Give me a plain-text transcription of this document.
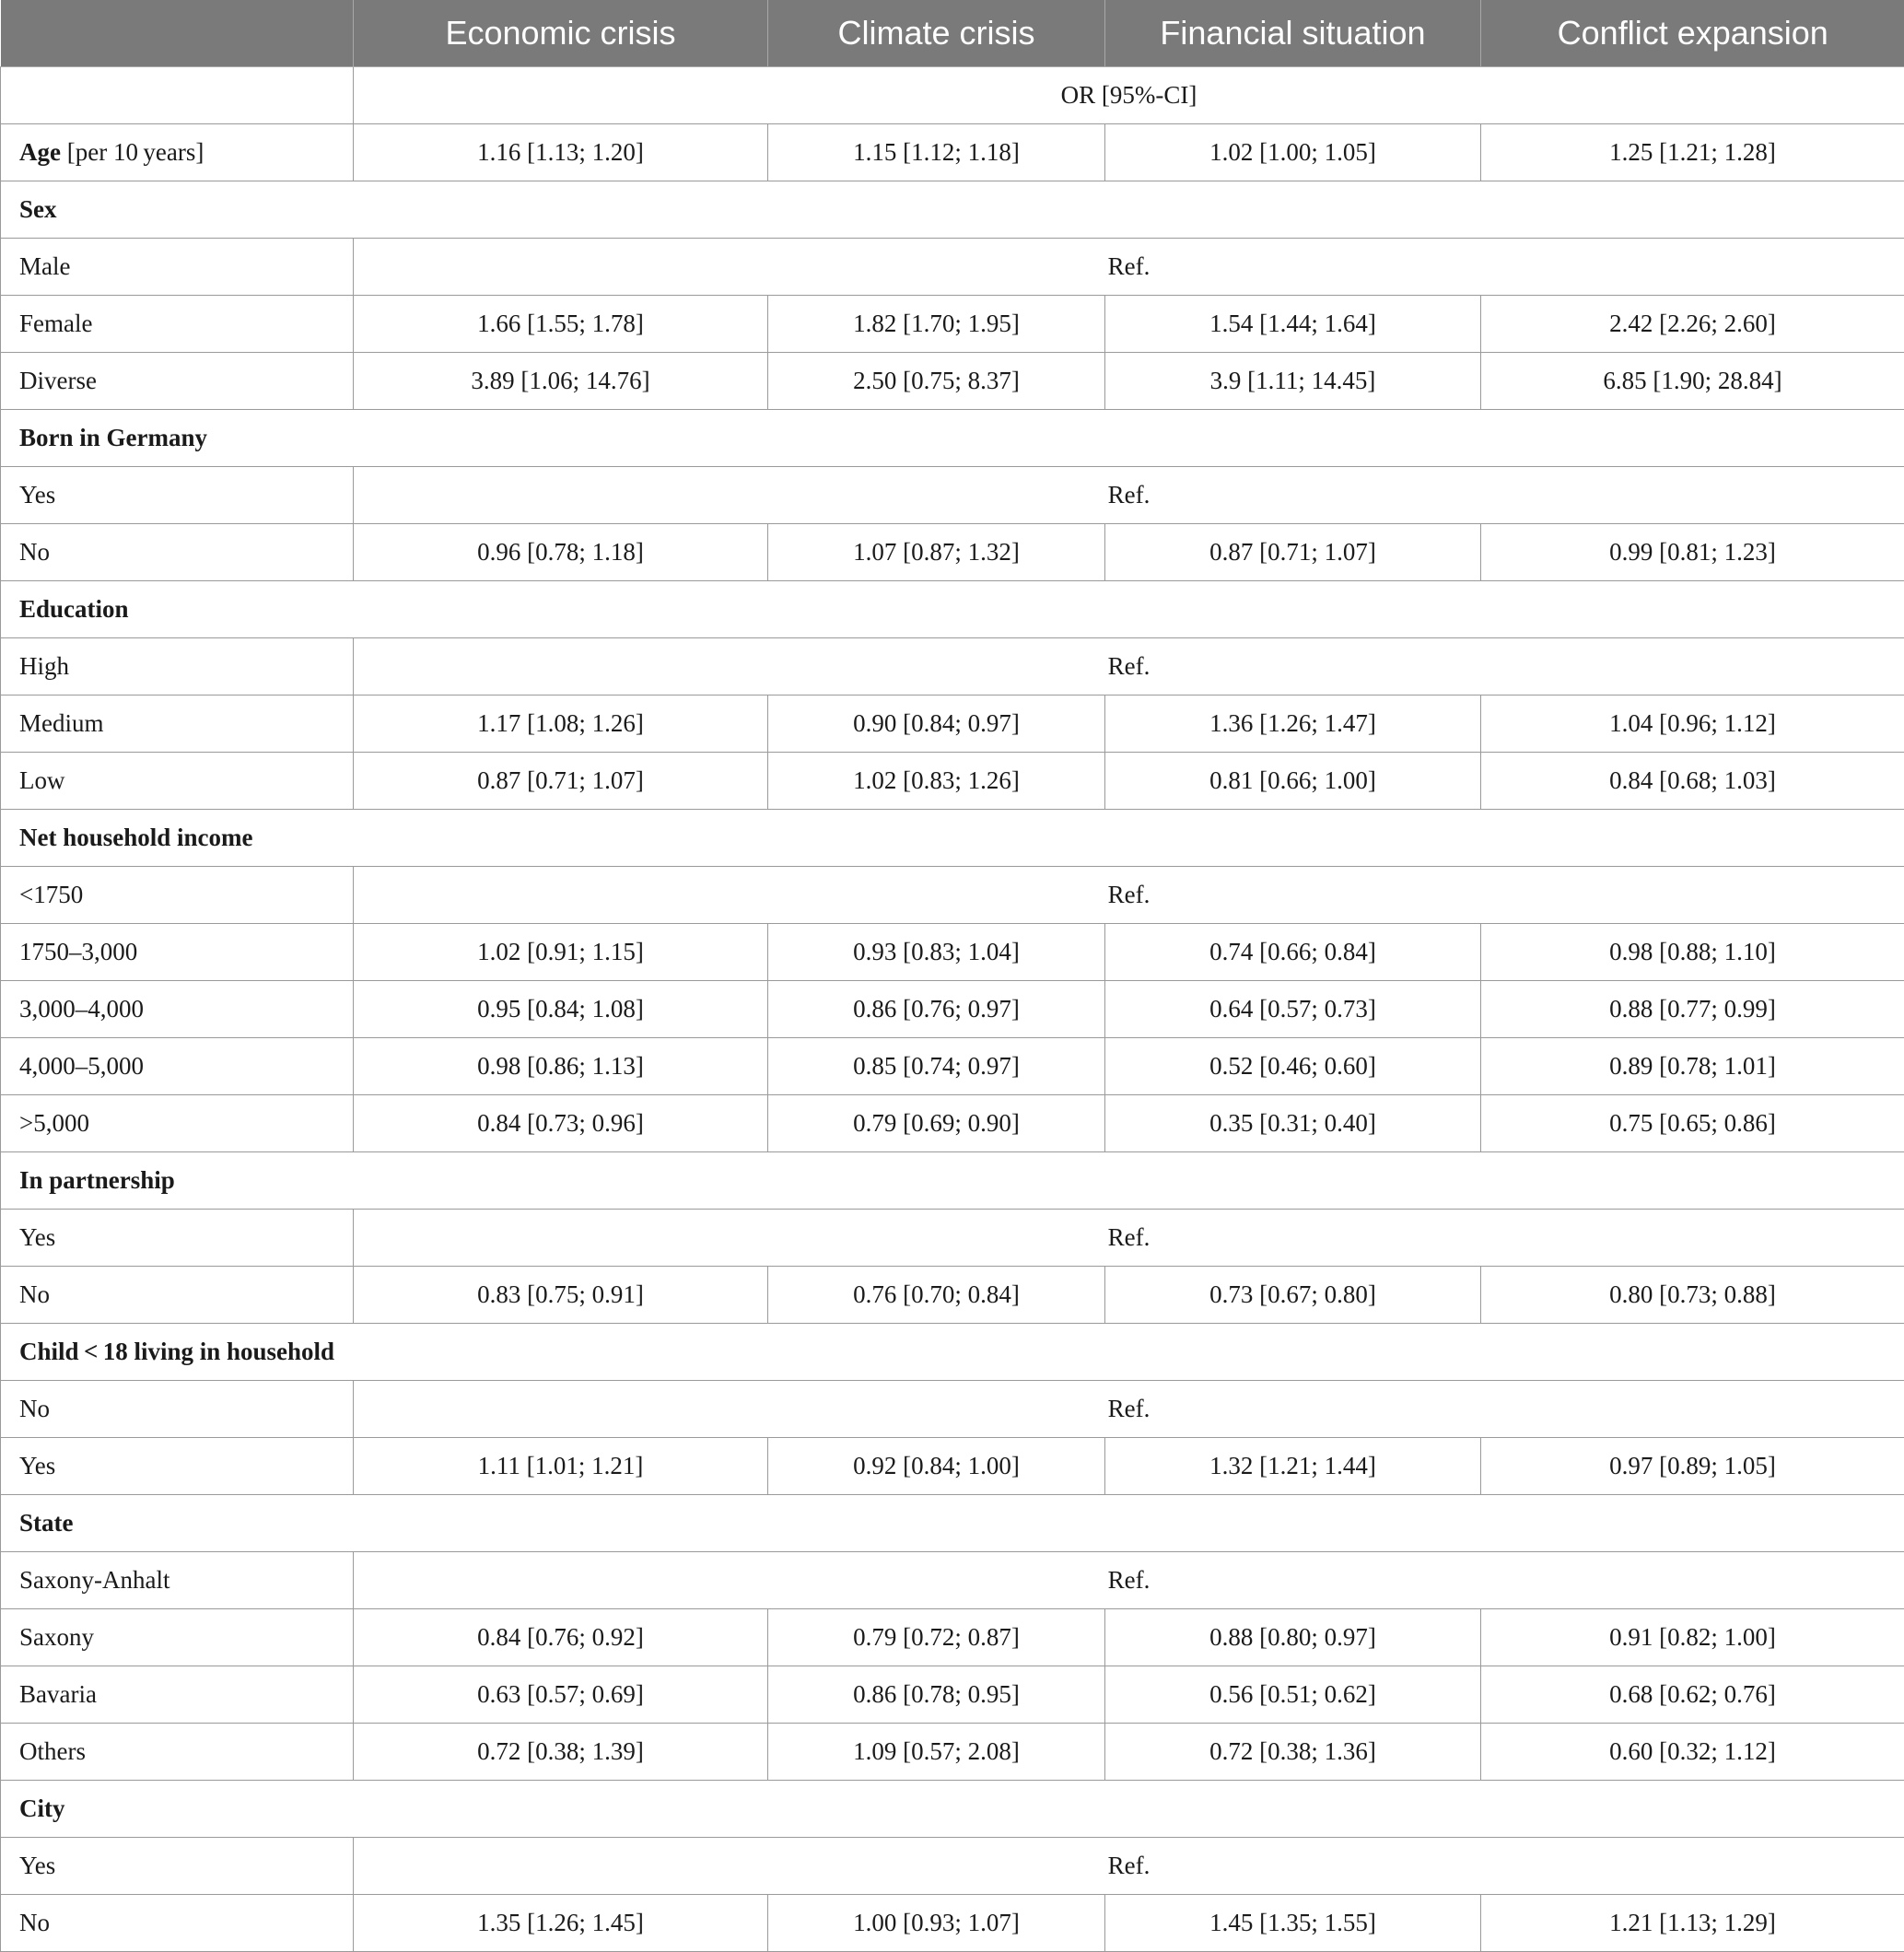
	Economic crisis	Climate crisis	Financial situation	Conflict expansion
	OR [95%-CI]			
Age [per 10 years]	1.16 [1.13; 1.20]	1.15 [1.12; 1.18]	1.02 [1.00; 1.05]	1.25 [1.21; 1.28]
Sex				
Male	Ref.			
Female	1.66 [1.55; 1.78]	1.82 [1.70; 1.95]	1.54 [1.44; 1.64]	2.42 [2.26; 2.60]
Diverse	3.89 [1.06; 14.76]	2.50 [0.75; 8.37]	3.9 [1.11; 14.45]	6.85 [1.90; 28.84]
Born in Germany				
Yes	Ref.			
No	0.96 [0.78; 1.18]	1.07 [0.87; 1.32]	0.87 [0.71; 1.07]	0.99 [0.81; 1.23]
Education				
High	Ref.			
Medium	1.17 [1.08; 1.26]	0.90 [0.84; 0.97]	1.36 [1.26; 1.47]	1.04 [0.96; 1.12]
Low	0.87 [0.71; 1.07]	1.02 [0.83; 1.26]	0.81 [0.66; 1.00]	0.84 [0.68; 1.03]
Net household income				
<1750	Ref.			
1750–3,000	1.02 [0.91; 1.15]	0.93 [0.83; 1.04]	0.74 [0.66; 0.84]	0.98 [0.88; 1.10]
3,000–4,000	0.95 [0.84; 1.08]	0.86 [0.76; 0.97]	0.64 [0.57; 0.73]	0.88 [0.77; 0.99]
4,000–5,000	0.98 [0.86; 1.13]	0.85 [0.74; 0.97]	0.52 [0.46; 0.60]	0.89 [0.78; 1.01]
>5,000	0.84 [0.73; 0.96]	0.79 [0.69; 0.90]	0.35 [0.31; 0.40]	0.75 [0.65; 0.86]
In partnership				
Yes	Ref.			
No	0.83 [0.75; 0.91]	0.76 [0.70; 0.84]	0.73 [0.67; 0.80]	0.80 [0.73; 0.88]
Child < 18 living in household				
No	Ref.			
Yes	1.11 [1.01; 1.21]	0.92 [0.84; 1.00]	1.32 [1.21; 1.44]	0.97 [0.89; 1.05]
State				
Saxony-Anhalt	Ref.			
Saxony	0.84 [0.76; 0.92]	0.79 [0.72; 0.87]	0.88 [0.80; 0.97]	0.91 [0.82; 1.00]
Bavaria	0.63 [0.57; 0.69]	0.86 [0.78; 0.95]	0.56 [0.51; 0.62]	0.68 [0.62; 0.76]
Others	0.72 [0.38; 1.39]	1.09 [0.57; 2.08]	0.72 [0.38; 1.36]	0.60 [0.32; 1.12]
City				
Yes	Ref.			
No	1.35 [1.26; 1.45]	1.00 [0.93; 1.07]	1.45 [1.35; 1.55]	1.21 [1.13; 1.29]
